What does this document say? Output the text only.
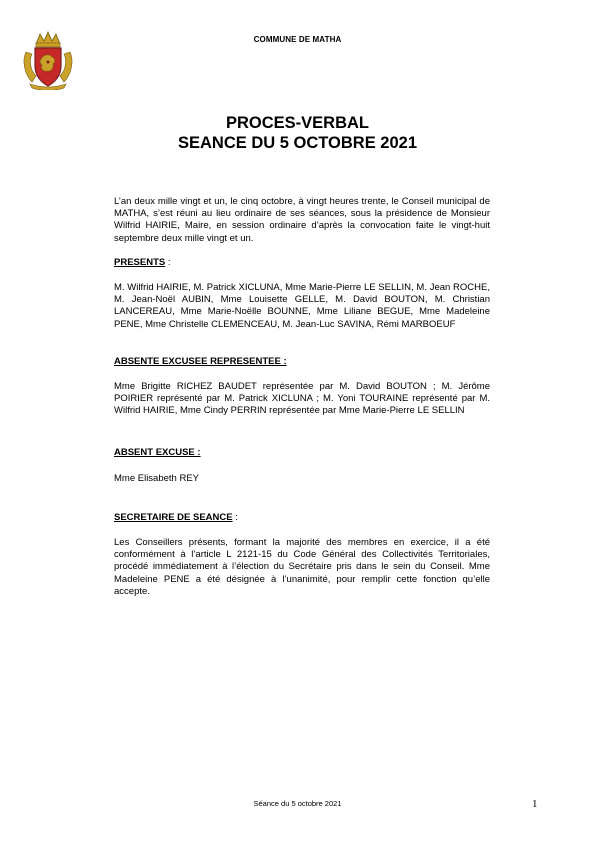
COMMUNE DE MATHA
PROCES-VERBAL
SEANCE DU 5 OCTOBRE 2021
L’an deux mille vingt et un, le cinq octobre, à vingt heures trente, le Conseil municipal de MATHA, s’est réuni au lieu ordinaire de ses séances, sous la présidence de Monsieur Wilfrid HAIRIE, Maire, en session ordinaire d’après la convocation faite le vingt-huit septembre deux mille vingt et un.
PRESENTS :
M. Wilfrid HAIRIE, M. Patrick XICLUNA, Mme Marie-Pierre LE SELLIN, M. Jean ROCHE, M. Jean-Noël AUBIN, Mme Louisette GELLE, M. David BOUTON, M. Christian LANCEREAU, Mme Marie-Noëlle BOUNNE, Mme Liliane BEGUE, Mme Madeleine PENE, Mme Christelle CLEMENCEAU, M. Jean-Luc SAVINA, Rémi MARBOEUF
ABSENTE EXCUSEE REPRESENTEE :
Mme Brigitte RICHEZ BAUDET représentée par M. David BOUTON ; M. Jérôme POIRIER représenté par M. Patrick XICLUNA ; M. Yoni TOURAINE représenté par M. Wilfrid HAIRIE, Mme Cindy PERRIN représentée par Mme Marie-Pierre LE SELLIN
ABSENT EXCUSE :
Mme Elisabeth REY
SECRETAIRE DE SEANCE :
Les Conseillers présents, formant la majorité des membres en exercice, il a été conformément à l’article L 2121-15 du Code Général des Collectivités Territoriales, procédé immédiatement à l’élection du Secrétaire pris dans le sein du Conseil. Mme Madeleine PENE a été désignée à l’unanimité, pour remplir cette fonction qu’elle accepte.
Séance du 5 octobre 2021	1
